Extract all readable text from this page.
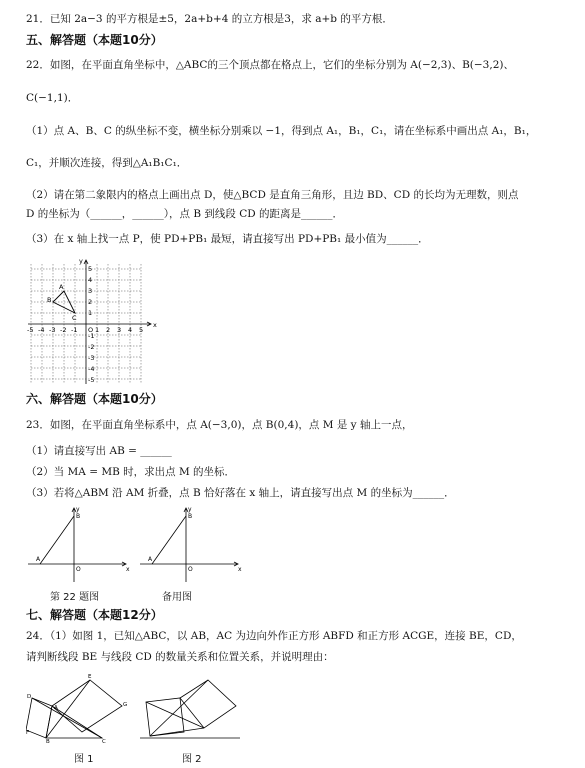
21．已知 2a−3 的平方根是±5，2a+b+4 的立方根是3，求 a+b 的平方根．
五、解答题（本题10分）
22．如图，在平面直角坐标中，△ABC的三个顶点都在格点上，它们的坐标分别为 A(−2,3)、B(−3,2)、
C(−1,1)．
（1）点 A、B、C 的纵坐标不变，横坐标分别乘以 −1，得到点 A₁，B₁，C₁，请在坐标系中画出点 A₁，B₁，
C₁，并顺次连接，得到△A₁B₁C₁．
（2）请在第二象限内的格点上画出点 D，使△BCD 是直角三角形，且边 BD、CD 的长均为无理数，则点
D 的坐标为（______，______），点 B 到线段 CD 的距离是______．
（3）在 x 轴上找一点 P，使 PD+PB₁ 最短，请直接写出 PD+PB₁ 最小值为______．
A
B
C
y
x
-5 -4 -3 -2 -1 O 1 2 3 4 5
5
4
3
2
1
-1
-2
-3
-4
-5
六、解答题（本题10分）
23．如图，在平面直角坐标系中，点 A(−3,0)，点 B(0,4)，点 M 是 y 轴上一点，
（1）请直接写出 AB = ______
（2）当 MA = MB 时，求出点 M 的坐标．
（3）若将△ABM 沿 AM 折叠，点 B 恰好落在 x 轴上，请直接写出点 M 的坐标为______．
y
B
A
O	x
y
B
A
O	x
第 22 题图	备用图
七、解答题（本题12分）
24．（1）如图 1，已知△ABC，以 AB，AC 为边向外作正方形 ABFD 和正方形 ACGE，连接 BE，CD，
请判断线段 BE 与线段 CD 的数量关系和位置关系，并说明理由：
E
G
D
A
F
B	C
图 1	图 2
